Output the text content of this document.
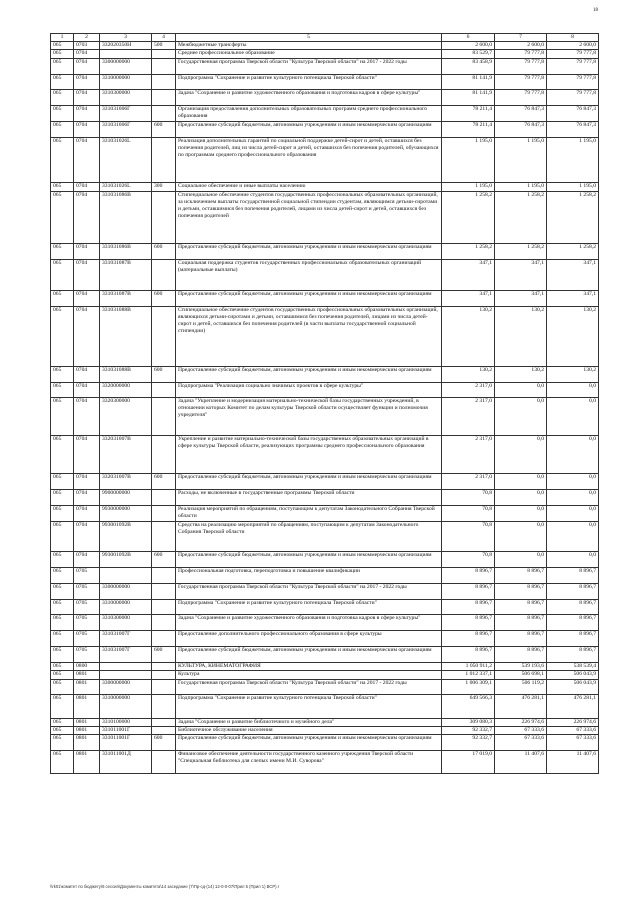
18
1	2	3	4	5	6	7	8
065	0703	332020350Н	500	Межбюджетные трансферты	2 600,0	2 600,0	2 600,0
065	0704			Среднее профессиональное образование	83 529,7	79 777,8	79 777,8
065	0704	3300000000		Государственная программа Тверской области "Культура Тверской области" на 2017 - 2022 годы	83 458,9	79 777,8	79 777,8
065	0704	3310000000		Подпрограмма "Сохранение и развитие культурного потенциала Тверской области"	81 141,9	79 777,8	79 777,8
065	0704	3310300000		Задача "Сохранение и развитие художественного образования и подготовка кадров в сфере культуры"	81 141,9	79 777,8	79 777,8
065	0704	331031006Г		Организация предоставления дополнительных образовательных программ среднего профессионального образования	78 211,4	76 847,3	76 847,3
065	0704	331031006Г	600	Предоставление субсидий бюджетным, автономным учреждениям и иным некоммерческим организациям	78 211,4	76 847,3	76 847,3
065	0704	331031026L		Реализация дополнительных гарантий по социальной поддержке детей-сирот и детей, оставшихся без попечения родителей, лиц из числа детей-сирот и детей, оставшихся без попечения родителей, обучающихся по программам среднего профессионального образования	1 195,0	1 195,0	1 195,0
065	0704	331031026L	300	Социальное обеспечение и иные выплаты населению	1 195,0	1 195,0	1 195,0
065	0704	331031086В		Стипендиальное обеспечение студентов государственных профессиональных образовательных организаций, за исключением выплаты государственной социальной стипендии студентам, являющимся детьми-сиротами и детьми, оставшимися без попечения родителей, лицами из числа детей-сирот и детей, оставшихся без попечения родителей	1 258,2	1 258,2	1 258,2
065	0704	331031086В	600	Предоставление субсидий бюджетным, автономным учреждениям и иным некоммерческим организациям	1 258,2	1 258,2	1 258,2
065	0704	331031087В		Социальная поддержка студентов государственных профессиональных образовательных организаций (материальные выплаты)	347,1	347,1	347,1
065	0704	331031087В	600	Предоставление субсидий бюджетным, автономным учреждениям и иным некоммерческим организациям	347,1	347,1	347,1
065	0704	331031088В		Стипендиальное обеспечение студентов государственных профессиональных образовательных организаций, являющихся детьми-сиротами и детьми, оставшимися без попечения родителей, лицами из числа детей-сирот и детей, оставшихся без попечения родителей (в части выплаты государственной социальной стипендии)	130,2	130,2	130,2
065	0704	331031088В	600	Предоставление субсидий бюджетным, автономным учреждениям и иным некоммерческим организациям	130,2	130,2	130,2
065	0704	3320000000		Подпрограмма "Реализация социально значимых проектов в сфере культуры"	2 317,0	0,0	0,0
065	0704	3320300000		Задача "Укрепление и модернизация материально-технической базы государственных учреждений, в отношении которых Комитет по делам культуры Тверской области осуществляет функции и полномочия учредителя"	2 317,0	0,0	0,0
065	0704	332031007В		Укрепление и развитие материально-технической базы государственных образовательных организаций в сфере культуры Тверской области, реализующих программы среднего профессионального образования	2 317,0	0,0	0,0
065	0704	332031007В	600	Предоставление субсидий бюджетным, автономным учреждениям и иным некоммерческим организациям	2 317,0	0,0	0,0
065	0704	9900000000		Расходы, не включенные в государственные программы Тверской области	70,8	0,0	0,0
065	0704	9930000000		Реализация мероприятий по обращениям, поступающим к депутатам Законодательного Собрания Тверской области	70,8	0,0	0,0
065	0704	993001092В		Средства на реализацию мероприятий по обращениям, поступающим к депутатам Законодательного Собрания Тверской области	70,8	0,0	0,0
065	0704	993001092В	600	Предоставление субсидий бюджетным, автономным учреждениям и иным некоммерческим организациям	70,8	0,0	0,0
065	0705			Профессиональная подготовка, переподготовка и повышение квалификации	8 896,7	8 896,7	8 896,7
065	0705	3300000000		Государственная программа Тверской области "Культура Тверской области" на 2017 - 2022 годы	8 896,7	8 896,7	8 896,7
065	0705	3310000000		Подпрограмма "Сохранение и развитие культурного потенциала Тверской области"	8 896,7	8 896,7	8 896,7
065	0705	3310300000		Задача "Сохранение и развитие художественного образования и подготовка кадров в сфере культуры"	8 896,7	8 896,7	8 896,7
065	0705	331031007Г		Предоставление дополнительного профессионального образования в сфере культуры	8 896,7	8 896,7	8 896,7
065	0705	331031007Г	600	Предоставление субсидий бюджетным, автономным учреждениям и иным некоммерческим организациям	8 896,7	8 896,7	8 896,7
065	0800			КУЛЬТУРА, КИНЕМАТОГРАФИЯ	1 050 911,2	539 193,6	538 539,4
065	0801			Культура	1 012 337,1	506 698,1	506 043,9
065	0801	3300000000		Государственная программа Тверской области "Культура Тверской области" на 2017 - 2022 годы	1 006 309,1	506 119,2	506 043,9
065	0801	3310000000		Подпрограмма "Сохранение и развитие культурного потенциала Тверской области"	649 566,3	476 281,1	476 281,1
065	0801	3310100000		Задача "Сохранение и развитие библиотечного и музейного дела"	309 080,3	226 974,6	226 974,6
065	0801	331011001Г		Библиотечное обслуживание населения	92 332,7	67 333,6	67 333,6
065	0801	331011001Г	600	Предоставление субсидий бюджетным, автономным учреждениям и иным некоммерческим организациям	92 332,7	67 333,6	67 333,6
065	0801	331011001Д		Финансовое обеспечение деятельности государственного казенного учреждения Тверской области "Специальная библиотека для слепых имени М.И. Суворова"	17 019,0	11 407,6	11 407,6
\\rk01\комитет по бюджету\6 сессия\Документы комитета\14 заседание (7\Пр-сд-(14) 12-0-0-07\Прил 5 (Прил 1) ВСР).r
